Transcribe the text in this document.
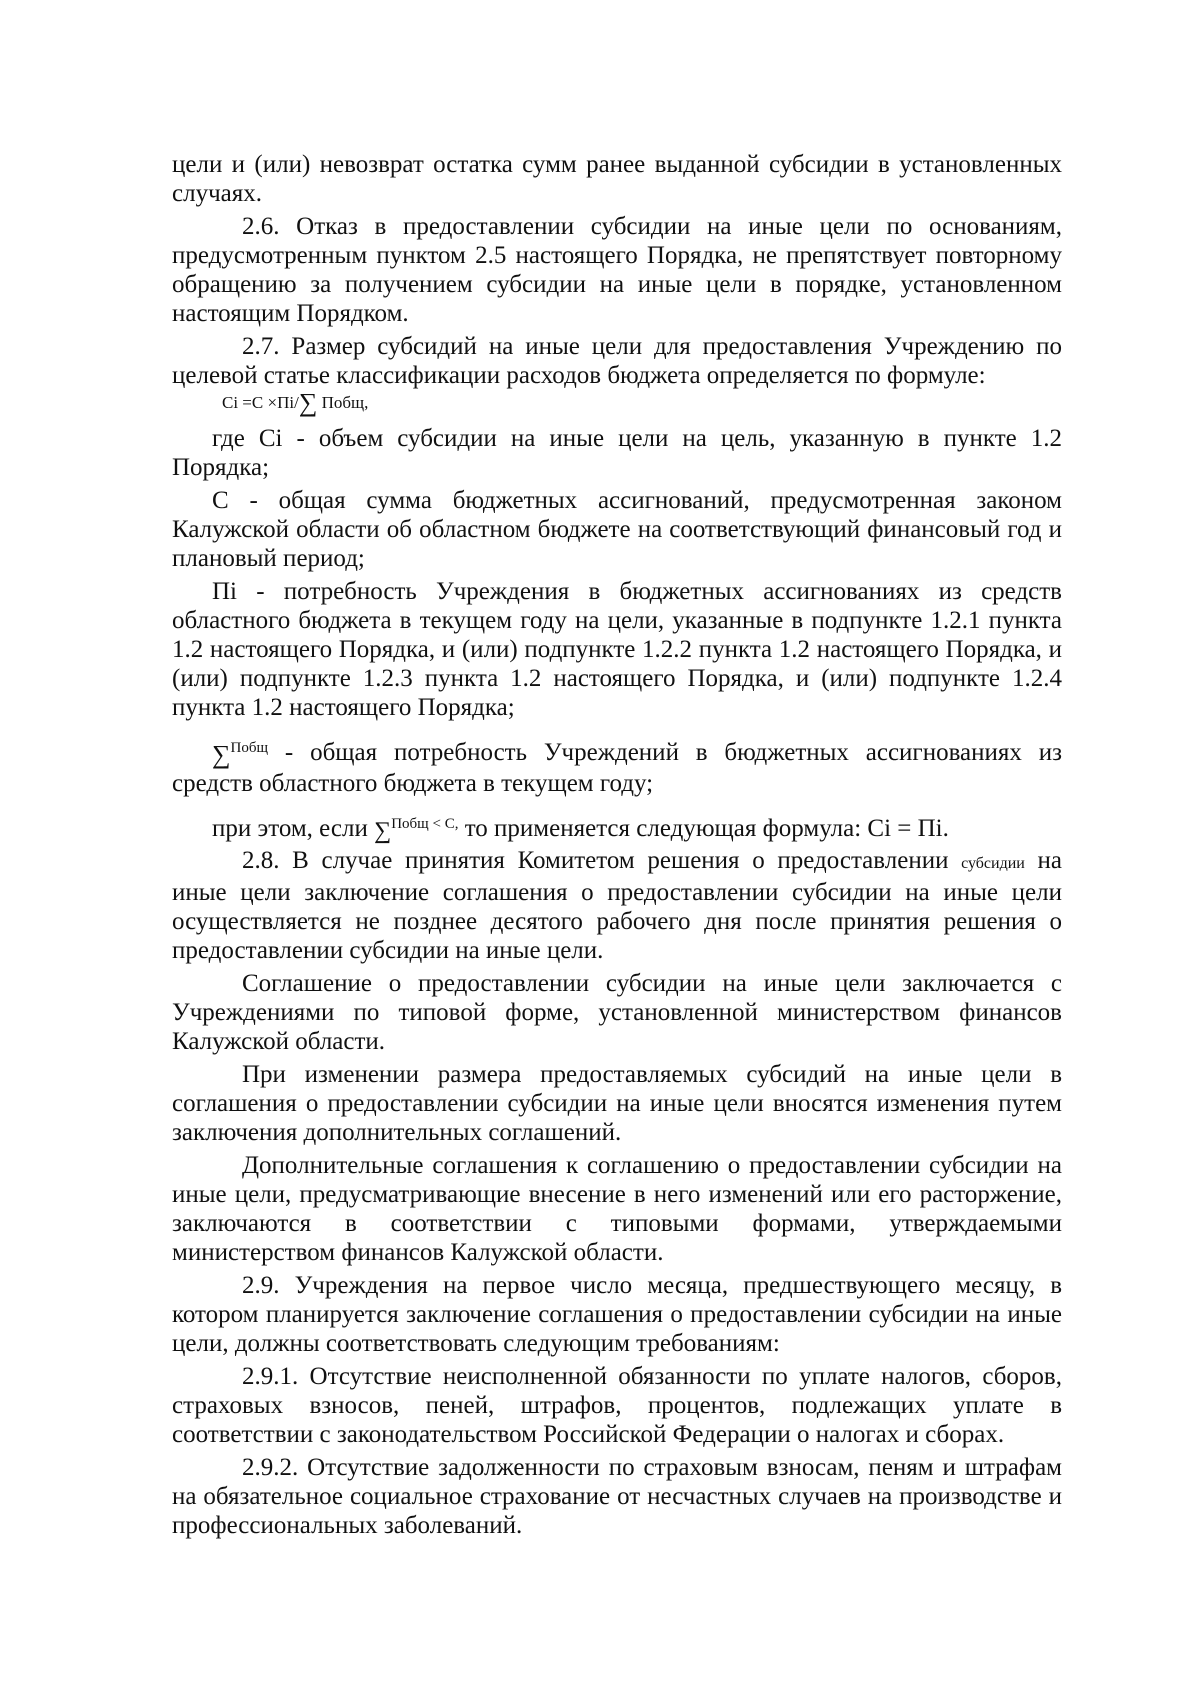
цели и (или) невозврат остатка сумм ранее выданной субсидии в установленных случаях.

2.6. Отказ в предоставлении субсидии на иные цели по основаниям, предусмотренным пунктом 2.5 настоящего Порядка, не препятствует повторному обращению за получением субсидии на иные цели в порядке, установленном настоящим Порядком.

2.7. Размер субсидий на иные цели для предоставления Учреждению по целевой статье классификации расходов бюджета определяется по формуле:

Ci =C ×Пi/∑ Побщ,

где Ci - объем субсидии на иные цели на цель, указанную в пункте 1.2 Порядка;

С - общая сумма бюджетных ассигнований, предусмотренная законом Калужской области об областном бюджете на соответствующий финансовый год и плановый период;

Пi - потребность Учреждения в бюджетных ассигнованиях из средств областного бюджета в текущем году на цели, указанные в подпункте 1.2.1 пункта 1.2 настоящего Порядка, и (или) подпункте 1.2.2 пункта 1.2 настоящего Порядка, и (или) подпункте 1.2.3 пункта 1.2 настоящего Порядка, и (или) подпункте 1.2.4 пункта 1.2 настоящего Порядка;

∑$^{Побщ}$ - общая потребность Учреждений в бюджетных ассигнованиях из средств областного бюджета в текущем году;

при этом, если ∑$^{Побщ < C,}$ то применяется следующая формула: Ci = Пi.

2.8. В случае принятия Комитетом решения о предоставлении субсидии на иные цели заключение соглашения о предоставлении субсидии на иные цели осуществляется не позднее десятого рабочего дня после принятия решения о предоставлении субсидии на иные цели.

Соглашение о предоставлении субсидии на иные цели заключается с Учреждениями по типовой форме, установленной министерством финансов Калужской области.

При изменении размера предоставляемых субсидий на иные цели в соглашения о предоставлении субсидии на иные цели вносятся изменения путем заключения дополнительных соглашений.

Дополнительные соглашения к соглашению о предоставлении субсидии на иные цели, предусматривающие внесение в него изменений или его расторжение, заключаются в соответствии с типовыми формами, утверждаемыми министерством финансов Калужской области.

2.9. Учреждения на первое число месяца, предшествующего месяцу, в котором планируется заключение соглашения о предоставлении субсидии на иные цели, должны соответствовать следующим требованиям:

2.9.1. Отсутствие неисполненной обязанности по уплате налогов, сборов, страховых взносов, пеней, штрафов, процентов, подлежащих уплате в соответствии с законодательством Российской Федерации о налогах и сборах.

2.9.2. Отсутствие задолженности по страховым взносам, пеням и штрафам на обязательное социальное страхование от несчастных случаев на производстве и профессиональных заболеваний.
